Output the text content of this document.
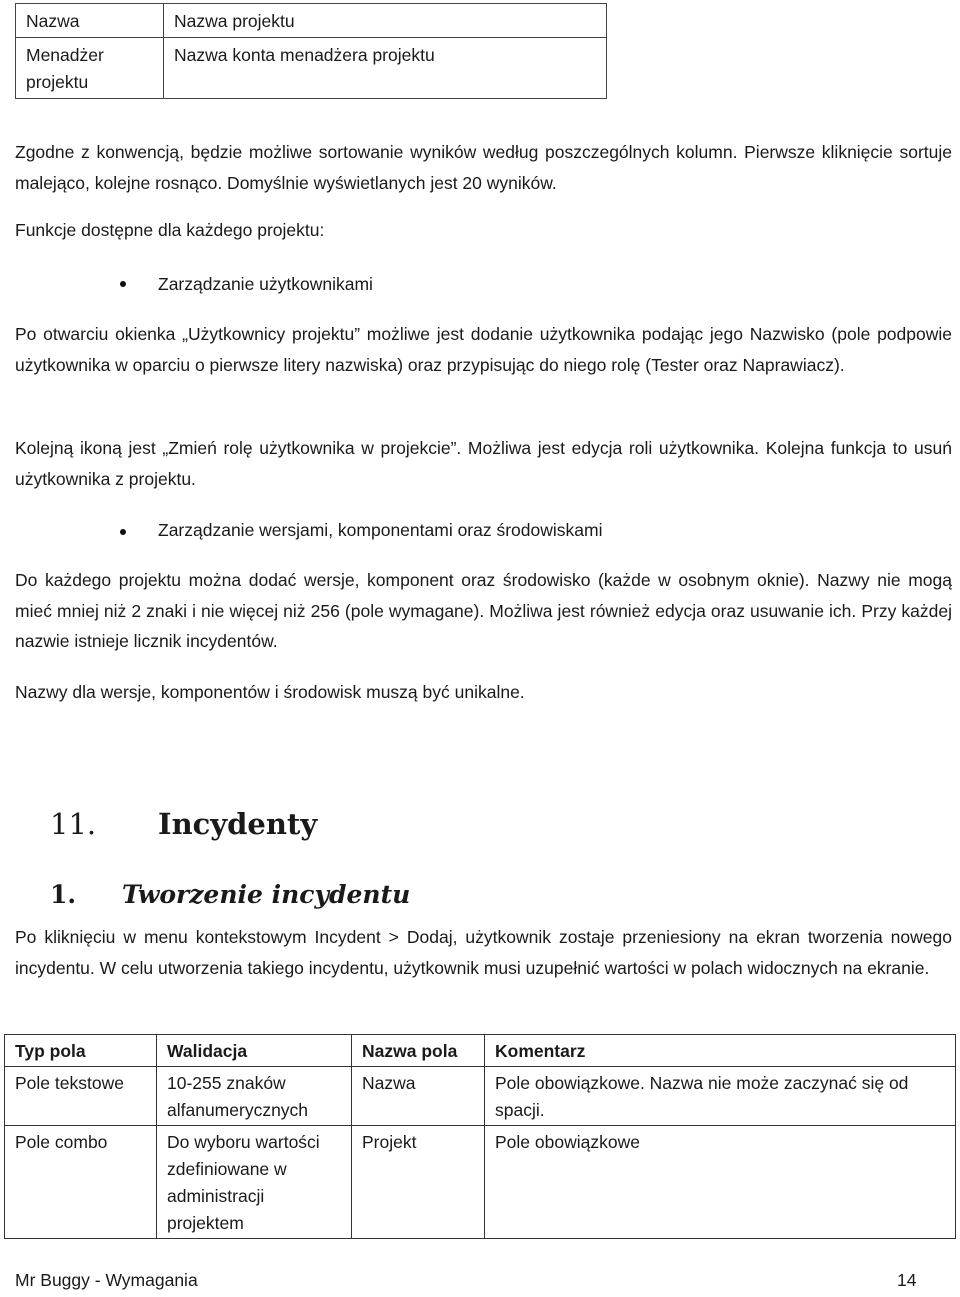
Nazwa	Nazwa projektu
Menadżer projektu	Nazwa konta menadżera projektu

Zgodne z konwencją, będzie możliwe sortowanie wyników według poszczególnych kolumn. Pierwsze kliknięcie sortuje malejąco, kolejne rosnąco. Domyślnie wyświetlanych jest 20 wyników.

Funkcje dostępne dla każdego projektu:

Zarządzanie użytkownikami

Po otwarciu okienka „Użytkownicy projektu” możliwe jest dodanie użytkownika podając jego Nazwisko (pole podpowie użytkownika w oparciu o pierwsze litery nazwiska) oraz przypisując do niego rolę (Tester oraz Naprawiacz).

Kolejną ikoną jest „Zmień rolę użytkownika w projekcie”. Możliwa jest edycja roli użytkownika. Kolejna funkcja to usuń użytkownika z projektu.

Zarządzanie wersjami, komponentami oraz środowiskami

Do każdego projektu można dodać wersje, komponent oraz środowisko (każde w osobnym oknie). Nazwy nie mogą mieć mniej niż 2 znaki i nie więcej niż 256 (pole wymagane). Możliwa jest również edycja oraz usuwanie ich. Przy każdej nazwie istnieje licznik incydentów.

Nazwy dla wersje, komponentów i środowisk muszą być unikalne.

11. Incydenty
1. Tworzenie incydentu

Po kliknięciu w menu kontekstowym Incydent > Dodaj, użytkownik zostaje przeniesiony na ekran tworzenia nowego incydentu. W celu utworzenia takiego incydentu, użytkownik musi uzupełnić wartości w polach widocznych na ekranie.

Typ pola	Walidacja	Nazwa pola	Komentarz
Pole tekstowe	10-255 znaków alfanumerycznych	Nazwa	Pole obowiązkowe. Nazwa nie może zaczynać się od spacji.
Pole combo	Do wyboru wartości zdefiniowane w administracji projektem	Projekt	Pole obowiązkowe
Mr Buggy - Wymagania	14
